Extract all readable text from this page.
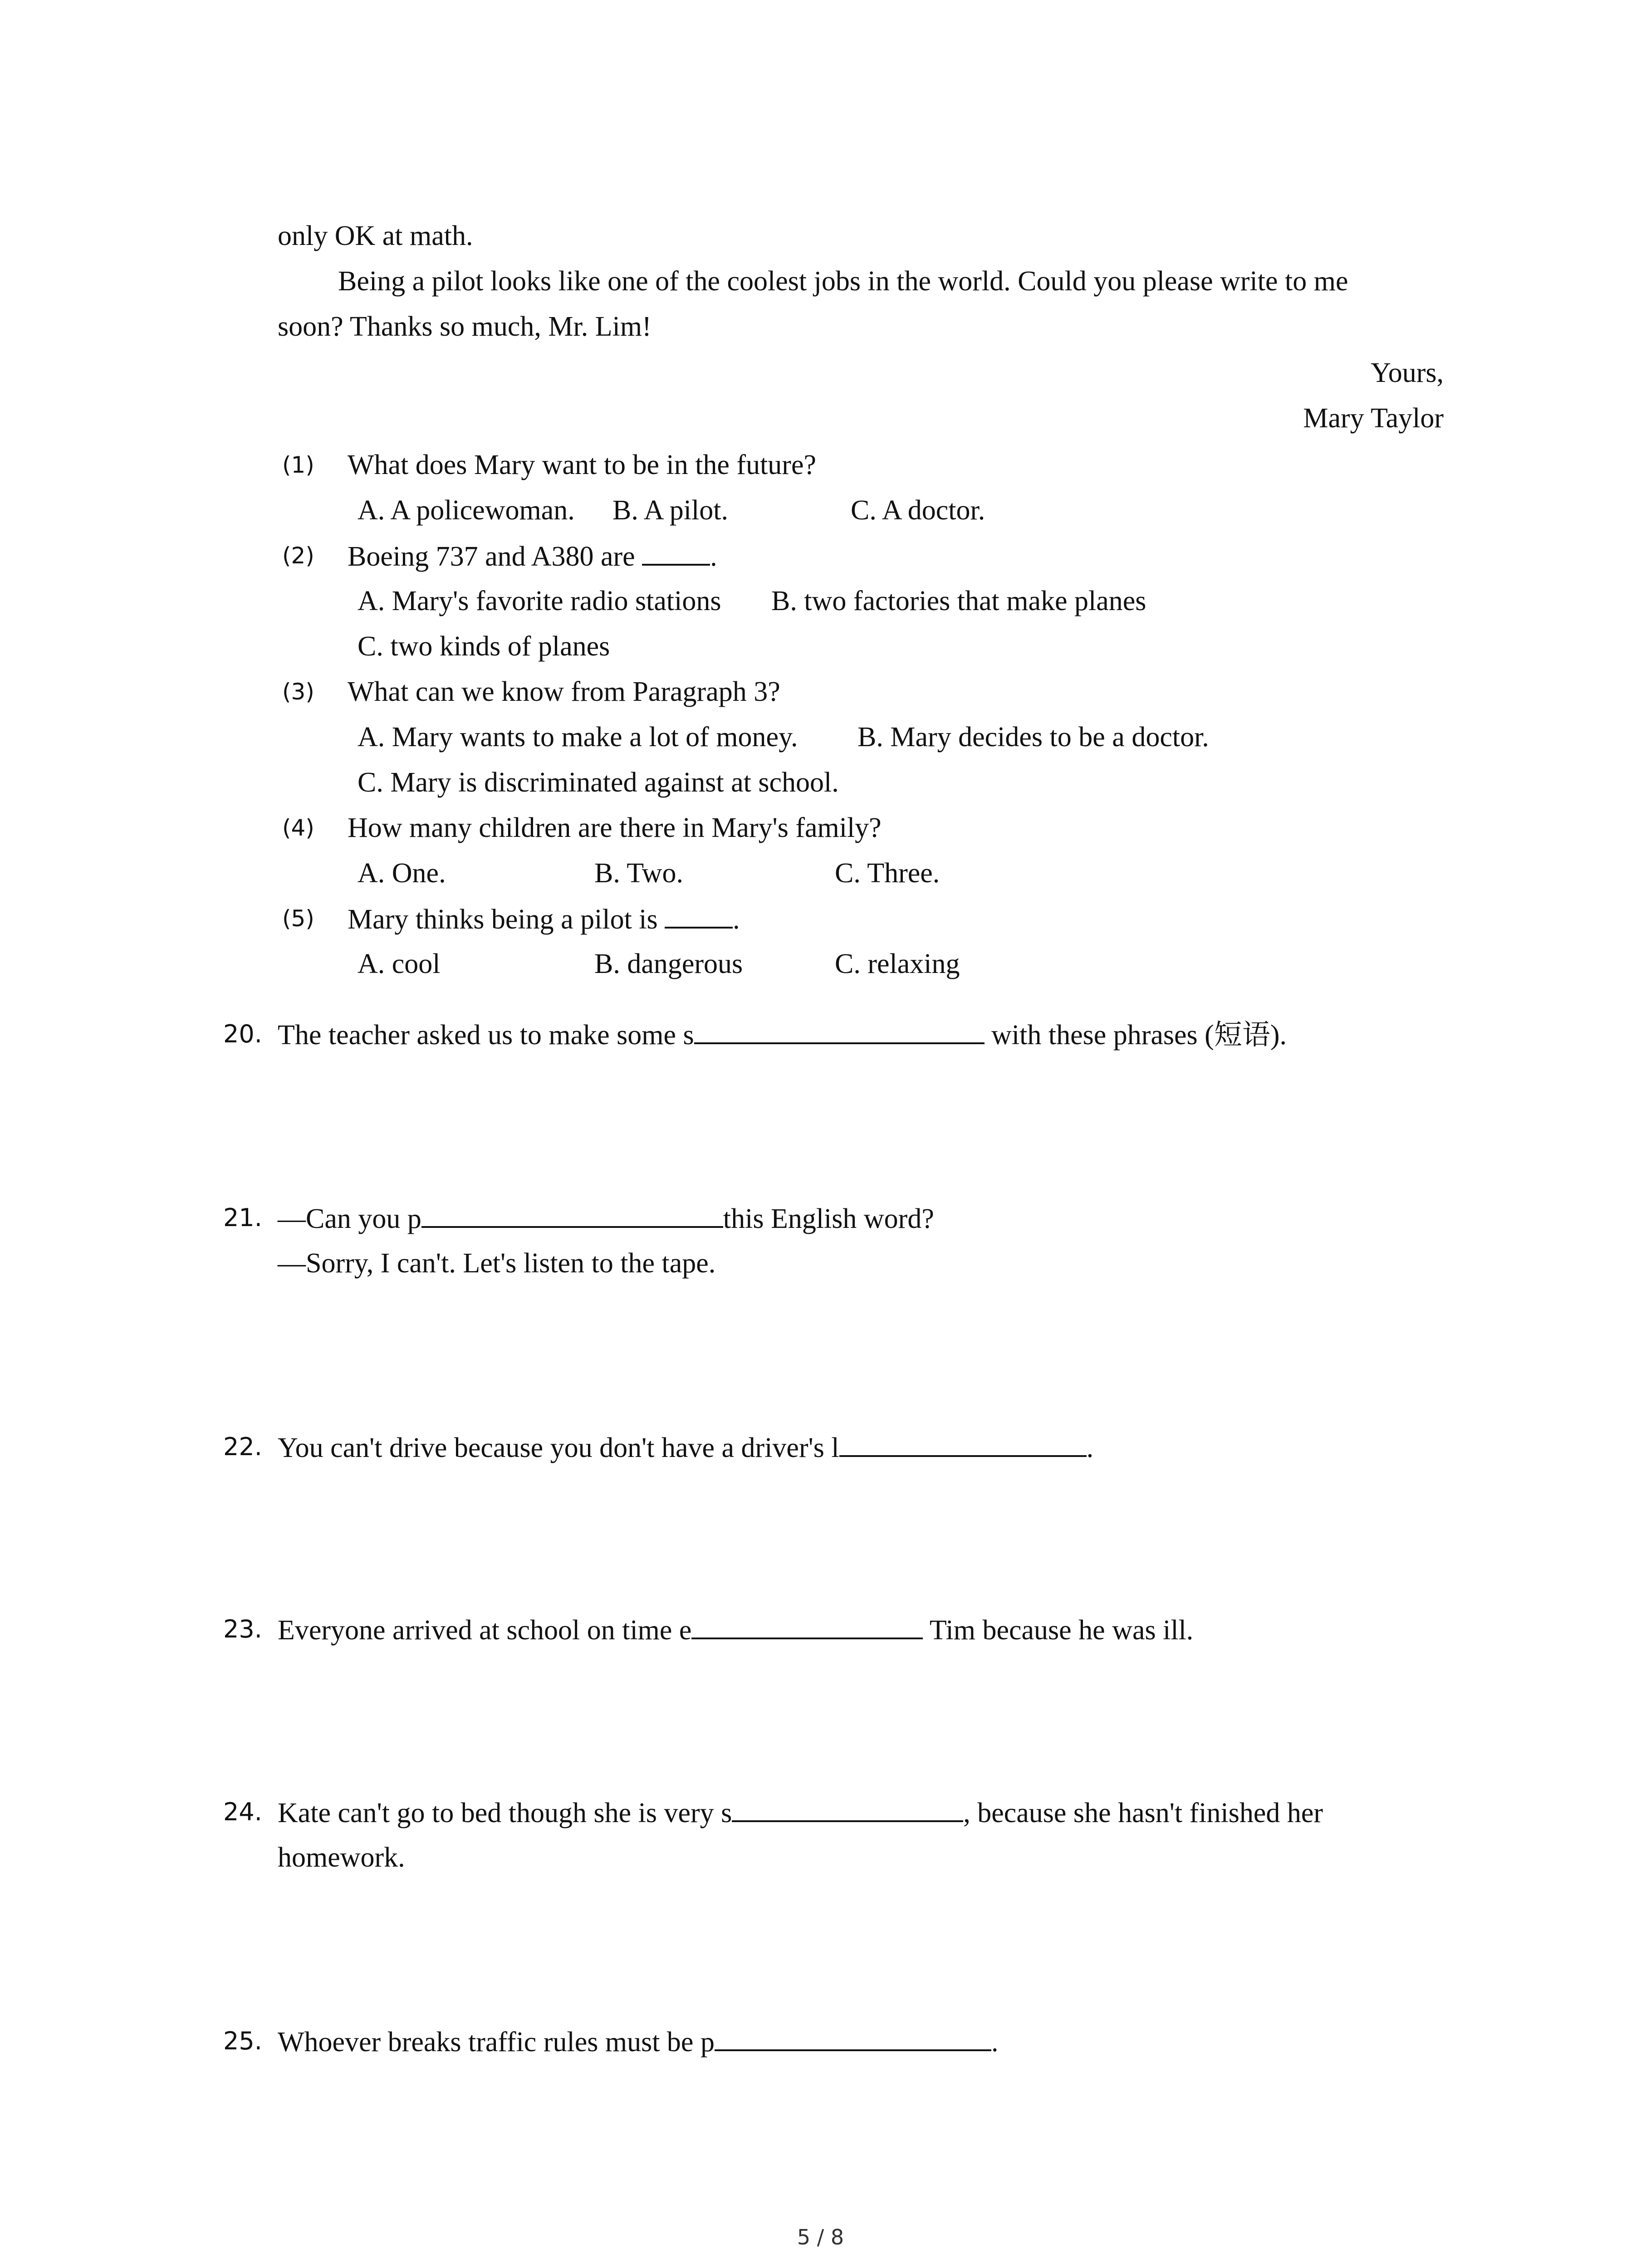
only OK at math.
Being a pilot looks like one of the coolest jobs in the world. Could you please write to me
soon? Thanks so much, Mr. Lim!
Yours,
Mary Taylor
(1) What does Mary want to be in the future?
A. A policewoman. B. A pilot.	C. A doctor.
(2) Boeing 737 and A380 are	.
A. Mary's favorite radio stations B. two factories that make planes
C. two kinds of planes
(3) What can we know from Paragraph 3?
A. Mary wants to make a lot of money. B. Mary decides to be a doctor.
C. Mary is discriminated against at school.
(4) How many children are there in Mary's family?
A. One.	B. Two.	C. Three.
(5) Mary thinks being a pilot is	.
A. cool	B. dangerous	C. relaxing
20. The teacher asked us to make some s	with these phrases (短语).
21. —Can you p	this English word?
—Sorry, I can't. Let's listen to the tape.
22. You can't drive because you don't have a driver's l	.
23. Everyone arrived at school on time e	Tim because he was ill.
24. Kate can't go to bed though she is very s	, because she hasn't finished her
homework.
25. Whoever breaks traffic rules must be p	.
5 / 8
